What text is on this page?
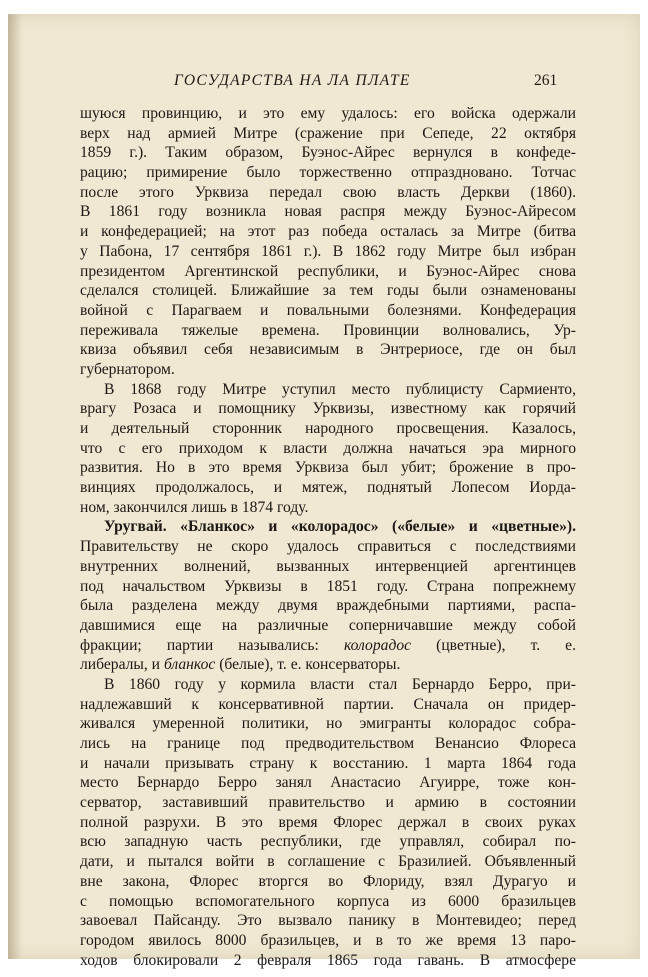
ГОСУДАРСТВА НА ЛА ПЛАТЕ	261
шуюся провинцию, и это ему удалось: его войска одержали
верх над армией Митре (сражение при Сепеде, 22 октября
1859 г.). Таким образом, Буэнос-Айрес вернулся в конфеде-
рацию; примирение было торжественно отпраздновано. Тотчас
после этого Урквиза передал свою власть Деркви (1860).
В 1861 году возникла новая распря между Буэнос-Айресом
и конфедерацией; на этот раз победа осталась за Митре (битва
у Пабона, 17 сентября 1861 г.). В 1862 году Митре был избран
президентом Аргентинской республики, и Буэнос-Айрес снова
сделался столицей. Ближайшие за тем годы были ознаменованы
войной с Парагваем и повальными болезнями. Конфедерация
переживала тяжелые времена. Провинции волновались, Ур-
квиза объявил себя независимым в Энтрериосе, где он был
губернатором.
В 1868 году Митре уступил место публицисту Сармиенто,
врагу Розаса и помощнику Урквизы, известному как горячий
и деятельный сторонник народного просвещения. Казалось,
что с его приходом к власти должна начаться эра мирного
развития. Но в это время Урквиза был убит; брожение в про-
винциях продолжалось, и мятеж, поднятый Лопесом Иорда-
ном, закончился лишь в 1874 году.
Уругвай. «Бланкос» и «колорадос» («белые» и «цветные»).
Правительству не скоро удалось справиться с последствиями
внутренних волнений, вызванных интервенцией аргентинцев
под начальством Урквизы в 1851 году. Страна попрежнему
была разделена между двумя враждебными партиями, распа-
давшимися еще на различные соперничавшие между собой
фракции; партии назывались: колорадос (цветные), т. е.
либералы, и бланкос (белые), т. е. консерваторы.
В 1860 году у кормила власти стал Бернардо Берро, при-
надлежавший к консервативной партии. Сначала он придер-
живался умеренной политики, но эмигранты колорадос собра-
лись на границе под предводительством Венансио Флореса
и начали призывать страну к восстанию. 1 марта 1864 года
место Бернардо Берро занял Анастасио Агуирре, тоже кон-
серватор, заставивший правительство и армию в состоянии
полной разрухи. В это время Флорес держал в своих руках
всю западную часть республики, где управлял, собирал по-
дати, и пытался войти в соглашение с Бразилией. Объявленный
вне закона, Флорес вторгся во Флориду, взял Дурагуо и
с помощью вспомогательного корпуса из 6000 бразильцев
завоевал Пайсанду. Это вызвало панику в Монтевидео; перед
городом явилось 8000 бразильцев, и в то же время 13 паро-
ходов блокировали 2 февраля 1865 года гавань. В атмосфере
